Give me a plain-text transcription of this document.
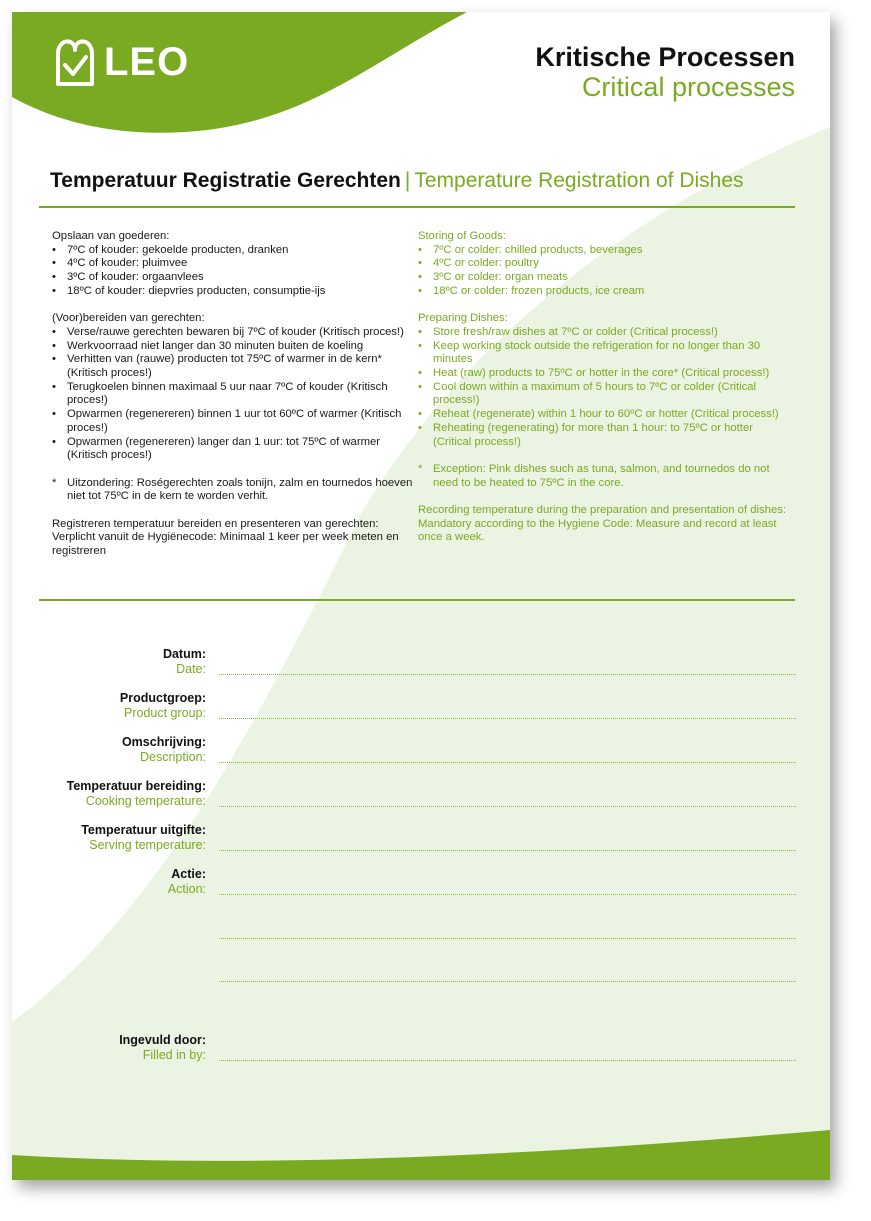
LEO	Kritische Processen
Critical processes
Temperatuur Registratie Gerechten | Temperature Registration of Dishes
Opslaan van goederen:
• 7ºC of kouder: gekoelde producten, dranken
• 4ºC of kouder: pluimvee
• 3ºC of kouder: orgaanvlees
• 18ºC of kouder: diepvries producten, consumptie-ijs
(Voor)bereiden van gerechten:
• Verse/rauwe gerechten bewaren bij 7ºC of kouder (Kritisch proces!)
• Werkvoorraad niet langer dan 30 minuten buiten de koeling
• Verhitten van (rauwe) producten tot 75ºC of warmer in de kern* (Kritisch proces!)
• Terugkoelen binnen maximaal 5 uur naar 7ºC of kouder (Kritisch proces!)
• Opwarmen (regenereren) binnen 1 uur tot 60ºC of warmer (Kritisch proces!)
• Opwarmen (regenereren) langer dan 1 uur: tot 75ºC of warmer (Kritisch proces!)
* Uitzondering: Roségerechten zoals tonijn, zalm en tournedos hoeven niet tot 75ºC in de kern te worden verhit.
Registreren temperatuur bereiden en presenteren van gerechten: Verplicht vanuit de Hygiënecode: Minimaal 1 keer per week meten en registreren
Storing of Goods:
• 7ºC or colder: chilled products, beverages
• 4ºC or colder: poultry
• 3ºC or colder: organ meats
• 18ºC or colder: frozen products, ice cream
Preparing Dishes:
• Store fresh/raw dishes at 7ºC or colder (Critical process!)
• Keep working stock outside the refrigeration for no longer than 30 minutes
• Heat (raw) products to 75ºC or hotter in the core* (Critical process!)
• Cool down within a maximum of 5 hours to 7ºC or colder (Critical process!)
• Reheat (regenerate) within 1 hour to 60ºC or hotter (Critical process!)
• Reheating (regenerating) for more than 1 hour: to 75ºC or hotter (Critical process!)
* Exception: Pink dishes such as tuna, salmon, and tournedos do not need to be heated to 75ºC in the core.
Recording temperature during the preparation and presentation of dishes: Mandatory according to the Hygiene Code: Measure and record at least once a week.
Datum:
Date:
Productgroep:
Product group:
Omschrijving:
Description:
Temperatuur bereiding:
Cooking temperature:
Temperatuur uitgifte:
Serving temperature:
Actie:
Action:
Ingevuld door:
Filled in by:
